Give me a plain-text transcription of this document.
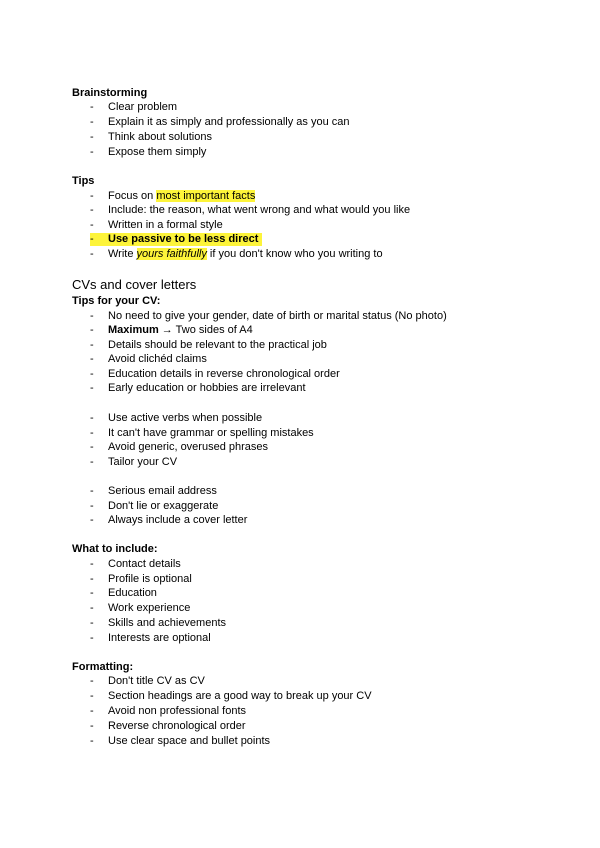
Brainstorming
- Clear problem
- Explain it as simply and professionally as you can
- Think about solutions
- Expose them simply
Tips
- Focus on most important facts
- Include: the reason, what went wrong and what would you like
- Written in a formal style
- Use passive to be less direct
- Write yours faithfully if you don't know who you writing to
CVs and cover letters
Tips for your CV:
- No need to give your gender, date of birth or marital status (No photo)
- Maximum → Two sides of A4
- Details should be relevant to the practical job
- Avoid clichéd claims
- Education details in reverse chronological order
- Early education or hobbies are irrelevant
- Use active verbs when possible
- It can't have grammar or spelling mistakes
- Avoid generic, overused phrases
- Tailor your CV
- Serious email address
- Don't lie or exaggerate
- Always include a cover letter
What to include:
- Contact details
- Profile is optional
- Education
- Work experience
- Skills and achievements
- Interests are optional
Formatting:
- Don't title CV as CV
- Section headings are a good way to break up your CV
- Avoid non professional fonts
- Reverse chronological order
- Use clear space and bullet points
